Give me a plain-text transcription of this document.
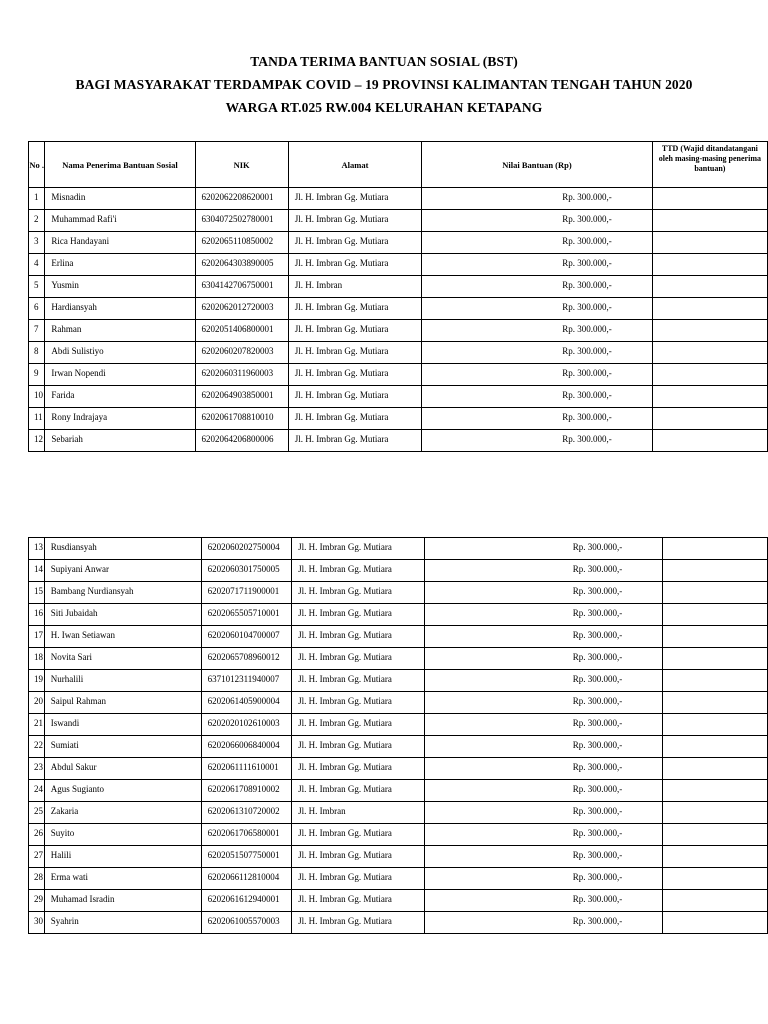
TANDA TERIMA BANTUAN SOSIAL (BST)
BAGI MASYARAKAT TERDAMPAK COVID – 19 PROVINSI KALIMANTAN TENGAH TAHUN 2020
WARGA RT.025 RW.004 KELURAHAN KETAPANG
No .	Nama Penerima Bantuan Sosial	NIK	Alamat	Nilai Bantuan (Rp)	TTD (Wajid ditandatangani oleh masing-masing penerima bantuan)
1	Misnadin	6202062208620001	Jl. H. Imbran Gg. Mutiara	Rp. 300.000,-	
2	Muhammad Rafi'i	6304072502780001	Jl. H. Imbran Gg. Mutiara	Rp. 300.000,-	
3	Rica Handayani	6202065110850002	Jl. H. Imbran Gg. Mutiara	Rp. 300.000,-	
4	Erlina	6202064303890005	Jl. H. Imbran Gg. Mutiara	Rp. 300.000,-	
5	Yusmin	6304142706750001	Jl. H. Imbran	Rp. 300.000,-	
6	Hardiansyah	6202062012720003	Jl. H. Imbran Gg. Mutiara	Rp. 300.000,-	
7	Rahman	6202051406800001	Jl. H. Imbran Gg. Mutiara	Rp. 300.000,-	
8	Abdi Sulistiyo	6202060207820003	Jl. H. Imbran Gg. Mutiara	Rp. 300.000,-	
9	Irwan Nopendi	6202060311960003	Jl. H. Imbran Gg. Mutiara	Rp. 300.000,-	
10	Farida	6202064903850001	Jl. H. Imbran Gg. Mutiara	Rp. 300.000,-	
11	Rony Indrajaya	6202061708810010	Jl. H. Imbran Gg. Mutiara	Rp. 300.000,-	
12	Sebariah	6202064206800006	Jl. H. Imbran Gg. Mutiara	Rp. 300.000,-	
13	Rusdiansyah	6202060202750004	Jl. H. Imbran Gg. Mutiara	Rp. 300.000,-	
14	Supiyani Anwar	6202060301750005	Jl. H. Imbran Gg. Mutiara	Rp. 300.000,-	
15	Bambang Nurdiansyah	6202071711900001	Jl. H. Imbran Gg. Mutiara	Rp. 300.000,-	
16	Siti Jubaidah	6202065505710001	Jl. H. Imbran Gg. Mutiara	Rp. 300.000,-	
17	H. Iwan Setiawan	6202060104700007	Jl. H. Imbran Gg. Mutiara	Rp. 300.000,-	
18	Novita Sari	6202065708960012	Jl. H. Imbran Gg. Mutiara	Rp. 300.000,-	
19	Nurhalili	6371012311940007	Jl. H. Imbran Gg. Mutiara	Rp. 300.000,-	
20	Saipul Rahman	6202061405900004	Jl. H. Imbran Gg. Mutiara	Rp. 300.000,-	
21	Iswandi	6202020102610003	Jl. H. Imbran Gg. Mutiara	Rp. 300.000,-	
22	Sumiati	6202066006840004	Jl. H. Imbran Gg. Mutiara	Rp. 300.000,-	
23	Abdul Sakur	6202061111610001	Jl. H. Imbran Gg. Mutiara	Rp. 300.000,-	
24	Agus Sugianto	6202061708910002	Jl. H. Imbran Gg. Mutiara	Rp. 300.000,-	
25	Zakaria	6202061310720002	Jl. H. Imbran	Rp. 300.000,-	
26	Suyito	6202061706580001	Jl. H. Imbran Gg. Mutiara	Rp. 300.000,-	
27	Halili	6202051507750001	Jl. H. Imbran Gg. Mutiara	Rp. 300.000,-	
28	Erma wati	6202066112810004	Jl. H. Imbran Gg. Mutiara	Rp. 300.000,-	
29	Muhamad Isradin	6202061612940001	Jl. H. Imbran Gg. Mutiara	Rp. 300.000,-	
30	Syahrin	6202061005570003	Jl. H. Imbran Gg. Mutiara	Rp. 300.000,-	
